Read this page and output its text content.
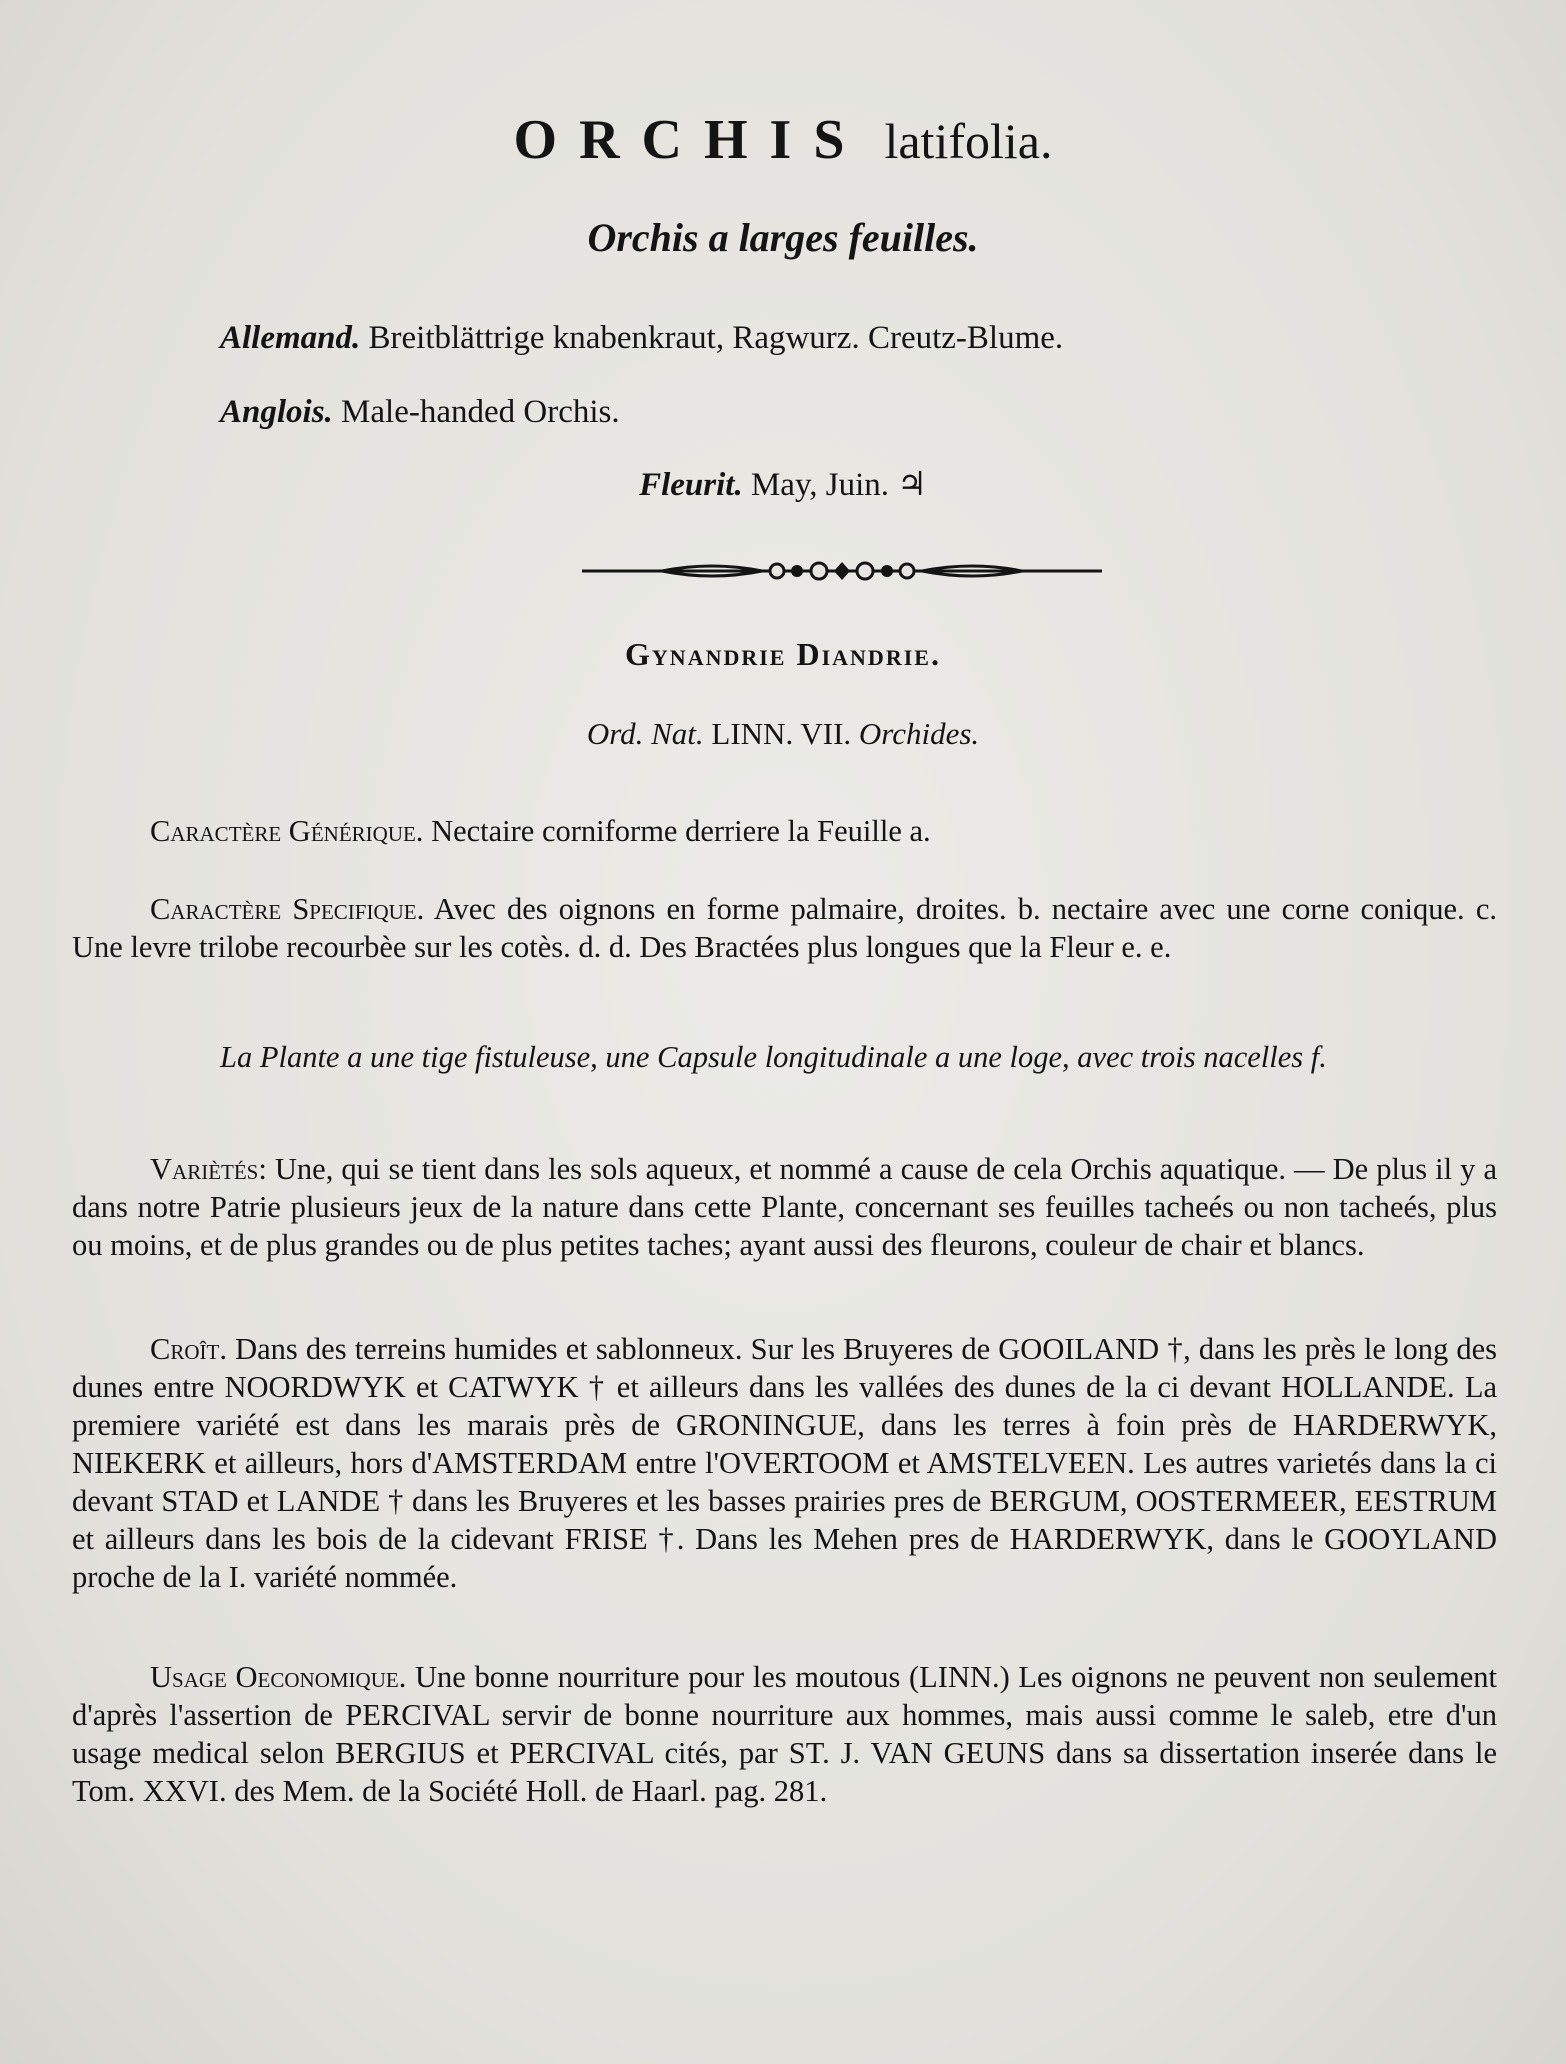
ORCHIS latifolia.
Orchis a larges feuilles.
Allemand. Breitblättrige knabenkraut, Ragwurz. Creutz-Blume.
Anglois. Male-handed Orchis.
Fleurit. May, Juin. ♃
Gynandrie Diandrie.
Ord. Nat. LINN. VII. Orchides.
Caractère Générique. Nectaire corniforme derriere la Feuille a.
Caractère Specifique. Avec des oignons en forme palmaire, droites. b. nectaire avec une corne conique. c. Une levre trilobe recourbèe sur les cotès. d. d. Des Bractées plus longues que la Fleur e. e.
La Plante a une tige fistuleuse, une Capsule longitudinale a une loge, avec trois nacelles f.
Variètés: Une, qui se tient dans les sols aqueux, et nommé a cause de cela Orchis aquatique. — De plus il y a dans notre Patrie plusieurs jeux de la nature dans cette Plante, concernant ses feuilles tacheés ou non tacheés, plus ou moins, et de plus grandes ou de plus petites taches; ayant aussi des fleurons, couleur de chair et blancs.
Croît. Dans des terreins humides et sablonneux. Sur les Bruyeres de GOOILAND †, dans les près le long des dunes entre NOORDWYK et CATWYK † et ailleurs dans les vallées des dunes de la ci devant HOLLANDE. La premiere variété est dans les marais près de GRONINGUE, dans les terres à foin près de HARDERWYK, NIEKERK et ailleurs, hors d'AMSTERDAM entre l'OVERTOOM et AMSTELVEEN. Les autres varietés dans la ci devant STAD et LANDE † dans les Bruyeres et les basses prairies pres de BERGUM, OOSTERMEER, EESTRUM et ailleurs dans les bois de la cidevant FRISE †. Dans les Mehen pres de HARDERWYK, dans le GOOYLAND proche de la I. variété nommée.
Usage Oeconomique. Une bonne nourriture pour les moutous (LINN.) Les oignons ne peuvent non seulement d'après l'assertion de PERCIVAL servir de bonne nourriture aux hommes, mais aussi comme le saleb, etre d'un usage medical selon BERGIUS et PERCIVAL cités, par ST. J. VAN GEUNS dans sa dissertation inserée dans le Tom. XXVI. des Mem. de la Société Holl. de Haarl. pag. 281.
